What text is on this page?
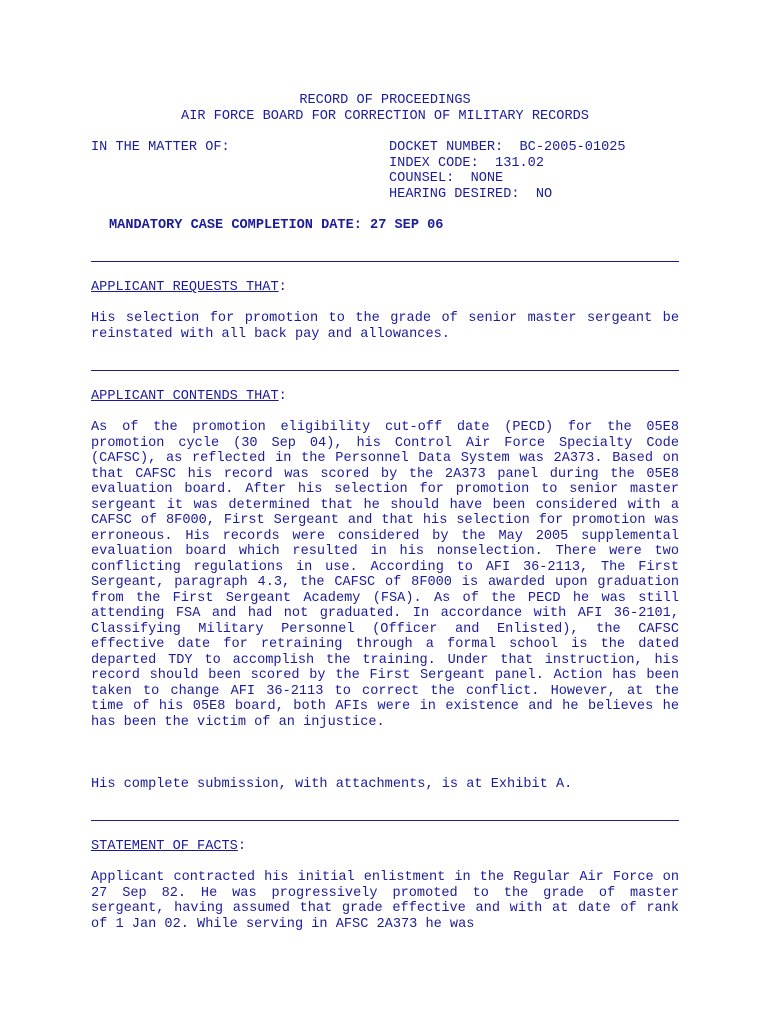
RECORD OF PROCEEDINGS
AIR FORCE BOARD FOR CORRECTION OF MILITARY RECORDS
IN THE MATTER OF:	DOCKET NUMBER:  BC-2005-01025
INDEX CODE:  131.02
COUNSEL:  NONE
HEARING DESIRED:  NO
MANDATORY CASE COMPLETION DATE: 27 SEP 06
APPLICANT REQUESTS THAT:

His selection for promotion to the grade of senior master sergeant be reinstated with all back pay and allowances.

APPLICANT CONTENDS THAT:

As of the promotion eligibility cut-off date (PECD) for the 05E8 promotion cycle (30 Sep 04), his Control Air Force Specialty Code (CAFSC), as reflected in the Personnel Data System was 2A373. Based on that CAFSC his record was scored by the 2A373 panel during the 05E8 evaluation board. After his selection for promotion to senior master sergeant it was determined that he should have been considered with a CAFSC of 8F000, First Sergeant and that his selection for promotion was erroneous. His records were considered by the May 2005 supplemental evaluation board which resulted in his nonselection. There were two conflicting regulations in use. According to AFI 36-2113, The First Sergeant, paragraph 4.3, the CAFSC of 8F000 is awarded upon graduation from the First Sergeant Academy (FSA). As of the PECD he was still attending FSA and had not graduated. In accordance with AFI 36-2101, Classifying Military Personnel (Officer and Enlisted), the CAFSC effective date for retraining through a formal school is the dated departed TDY to accomplish the training. Under that instruction, his record should been scored by the First Sergeant panel. Action has been taken to change AFI 36-2113 to correct the conflict. However, at the time of his 05E8 board, both AFIs were in existence and he believes he has been the victim of an injustice.

His complete submission, with attachments, is at Exhibit A.

STATEMENT OF FACTS:

Applicant contracted his initial enlistment in the Regular Air Force on 27 Sep 82. He was progressively promoted to the grade of master sergeant, having assumed that grade effective and with at date of rank of 1 Jan 02. While serving in AFSC 2A373 he was
